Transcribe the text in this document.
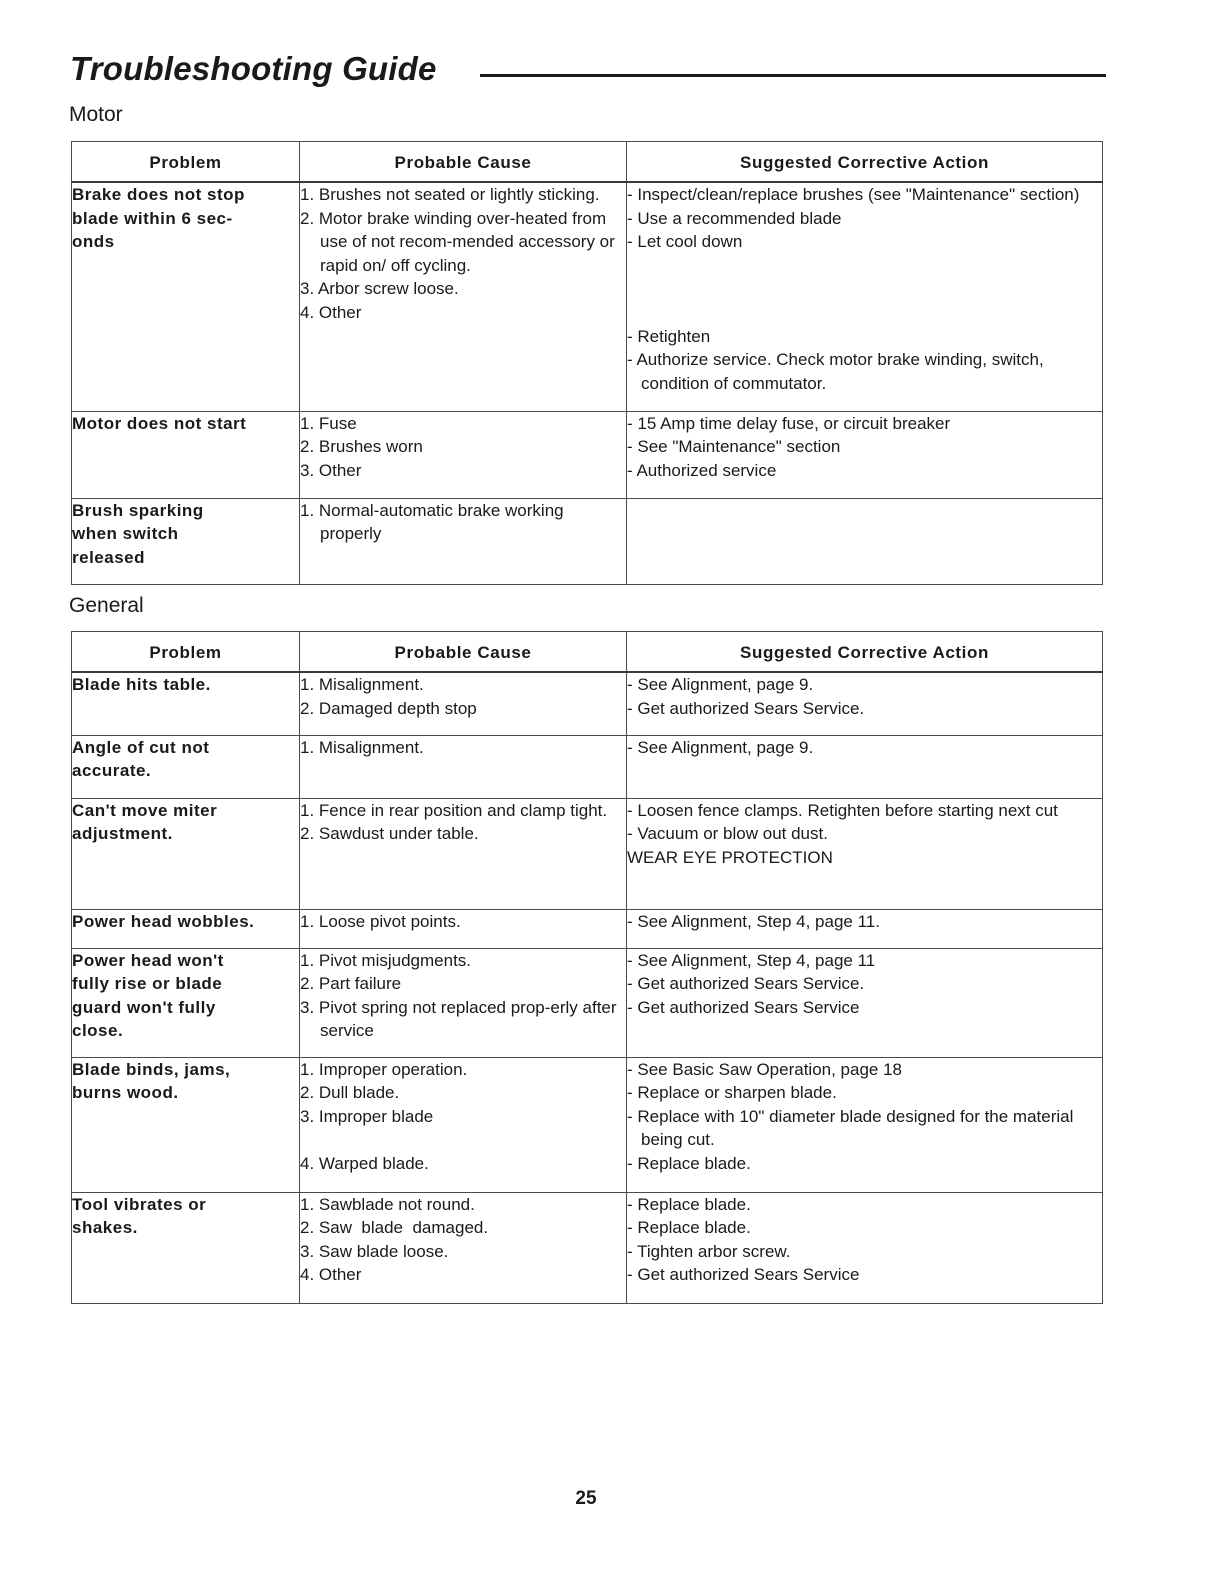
Troubleshooting Guide
Motor
Problem	Probable Cause	Suggested Corrective Action

Brake does not stop
blade within 6 sec-
onds	1. Brushes not seated or lightly sticking.
2. Motor brake winding over-heated from use of not recom-mended accessory or rapid on/ off cycling.
3. Arbor screw loose.
4. Other	- Inspect/clean/replace brushes (see "Maintenance" section)
- Use a recommended blade
- Let cool down
- Retighten
- Authorize service. Check motor brake winding, switch, condition of commutator.

Motor does not start	1. Fuse
2. Brushes worn
3. Other	- 15 Amp time delay fuse, or circuit breaker
- See "Maintenance" section
- Authorized service

Brush sparking
when switch
released	1. Normal-automatic brake working properly	

General
Problem	Probable Cause	Suggested Corrective Action

Blade hits table.	1. Misalignment.
2. Damaged depth stop	- See Alignment, page 9.
- Get authorized Sears Service.

Angle of cut not
accurate.	1. Misalignment.	- See Alignment, page 9.

Can't move miter
adjustment.	1. Fence in rear position and clamp tight.
2. Sawdust under table.	- Loosen fence clamps. Retighten before starting next cut
- Vacuum or blow out dust.
WEAR EYE PROTECTION

Power head wobbles.	1. Loose pivot points.	- See Alignment, Step 4, page 11.

Power head won't
fully rise or blade
guard won't fully
close.	1. Pivot misjudgments.
2. Part failure
3. Pivot spring not replaced prop-erly after service	- See Alignment, Step 4, page 11
- Get authorized Sears Service.
- Get authorized Sears Service

Blade binds, jams,
burns wood.	1. Improper operation.
2. Dull blade.
3. Improper blade
4. Warped blade.	- See Basic Saw Operation, page 18
- Replace or sharpen blade.
- Replace with 10" diameter blade designed for the material being cut.
- Replace blade.

Tool vibrates or
shakes.	1. Sawblade not round.
2. Saw  blade  damaged.
3. Saw blade loose.
4. Other	- Replace blade.
- Replace blade.
- Tighten arbor screw.
- Get authorized Sears Service
25
